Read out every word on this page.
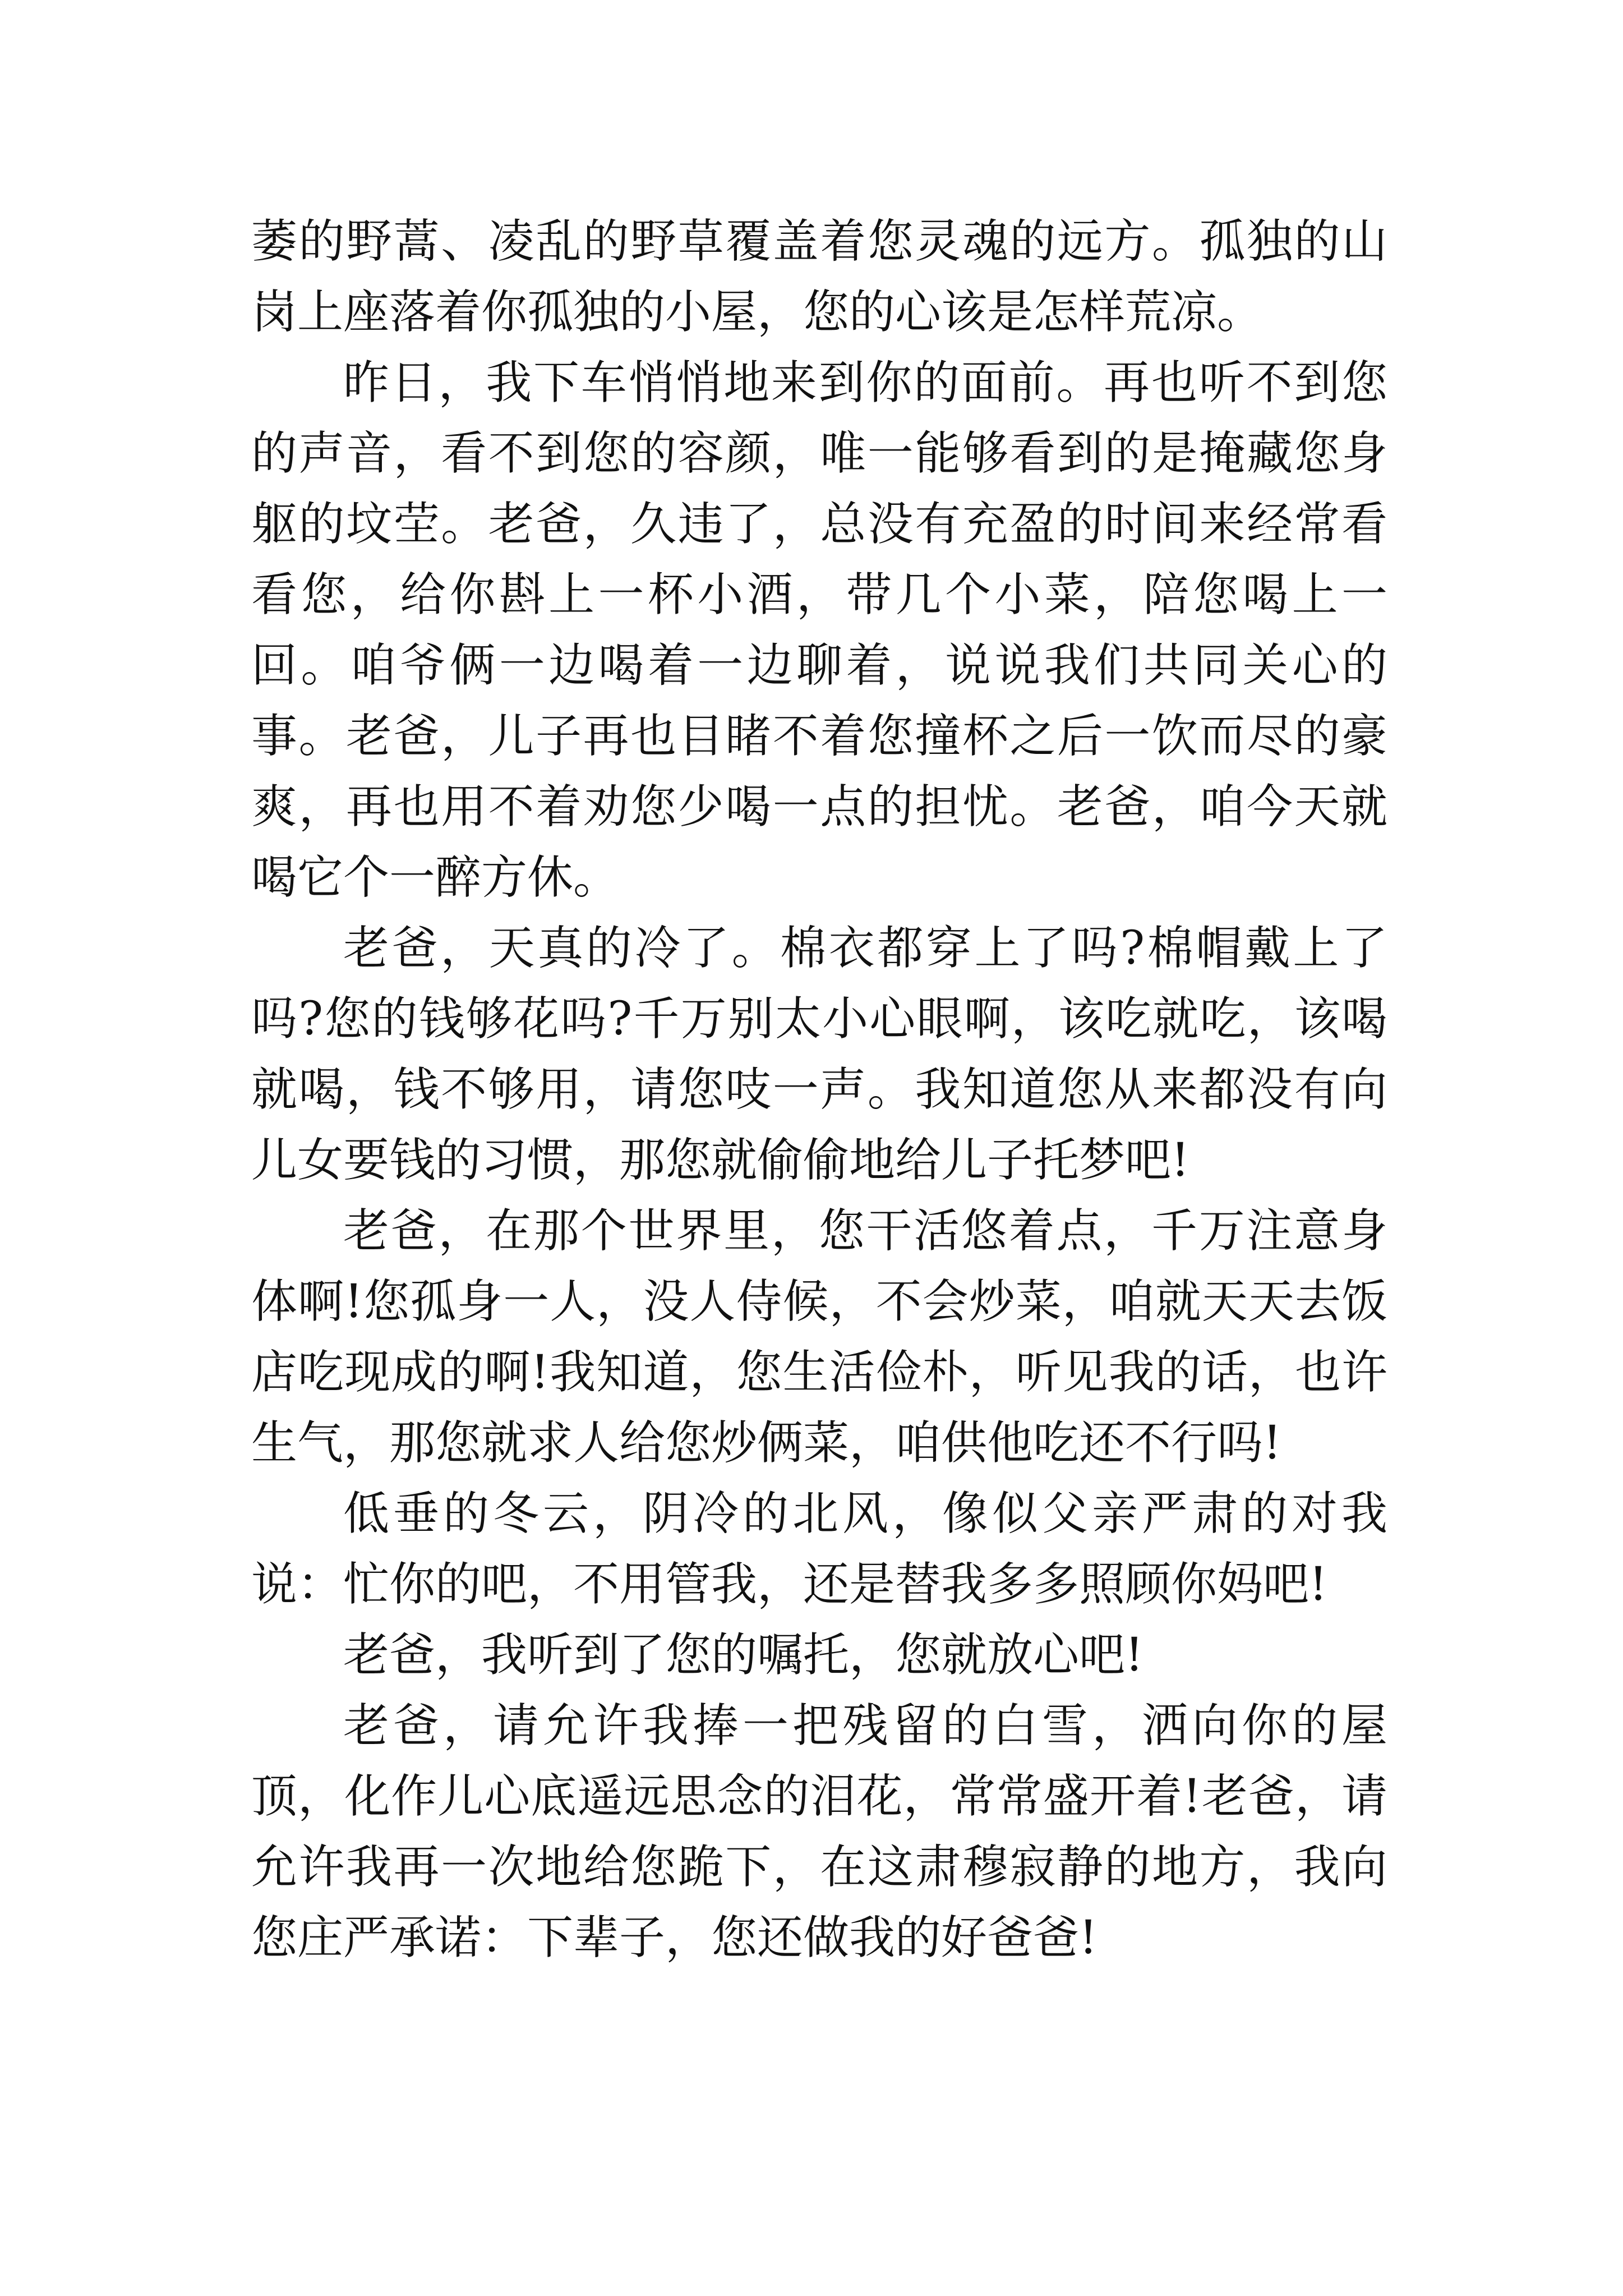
萎的野蒿、凌乱的野草覆盖着您灵魂的远方。孤独的山岗上座落着你孤独的小屋，您的心该是怎样荒凉。

昨日，我下车悄悄地来到你的面前。再也听不到您的声音，看不到您的容颜，唯一能够看到的是掩藏您身躯的坟茔。老爸，久违了，总没有充盈的时间来经常看看您，给你斟上一杯小酒，带几个小菜，陪您喝上一回。咱爷俩一边喝着一边聊着，说说我们共同关心的事。老爸，儿子再也目睹不着您撞杯之后一饮而尽的豪爽，再也用不着劝您少喝一点的担忧。老爸，咱今天就喝它个一醉方休。

老爸，天真的冷了。棉衣都穿上了吗?棉帽戴上了吗?您的钱够花吗?千万别太小心眼啊，该吃就吃，该喝就喝，钱不够用，请您吱一声。我知道您从来都没有向儿女要钱的习惯，那您就偷偷地给儿子托梦吧!

老爸，在那个世界里，您干活悠着点，千万注意身体啊!您孤身一人，没人侍候，不会炒菜，咱就天天去饭店吃现成的啊!我知道，您生活俭朴，听见我的话，也许生气，那您就求人给您炒俩菜，咱供他吃还不行吗!

低垂的冬云，阴冷的北风，像似父亲严肃的对我说：忙你的吧，不用管我，还是替我多多照顾你妈吧!

老爸，我听到了您的嘱托，您就放心吧!

老爸，请允许我捧一把残留的白雪，洒向你的屋顶，化作儿心底遥远思念的泪花，常常盛开着!老爸，请允许我再一次地给您跪下，在这肃穆寂静的地方，我向您庄严承诺：下辈子，您还做我的好爸爸!
